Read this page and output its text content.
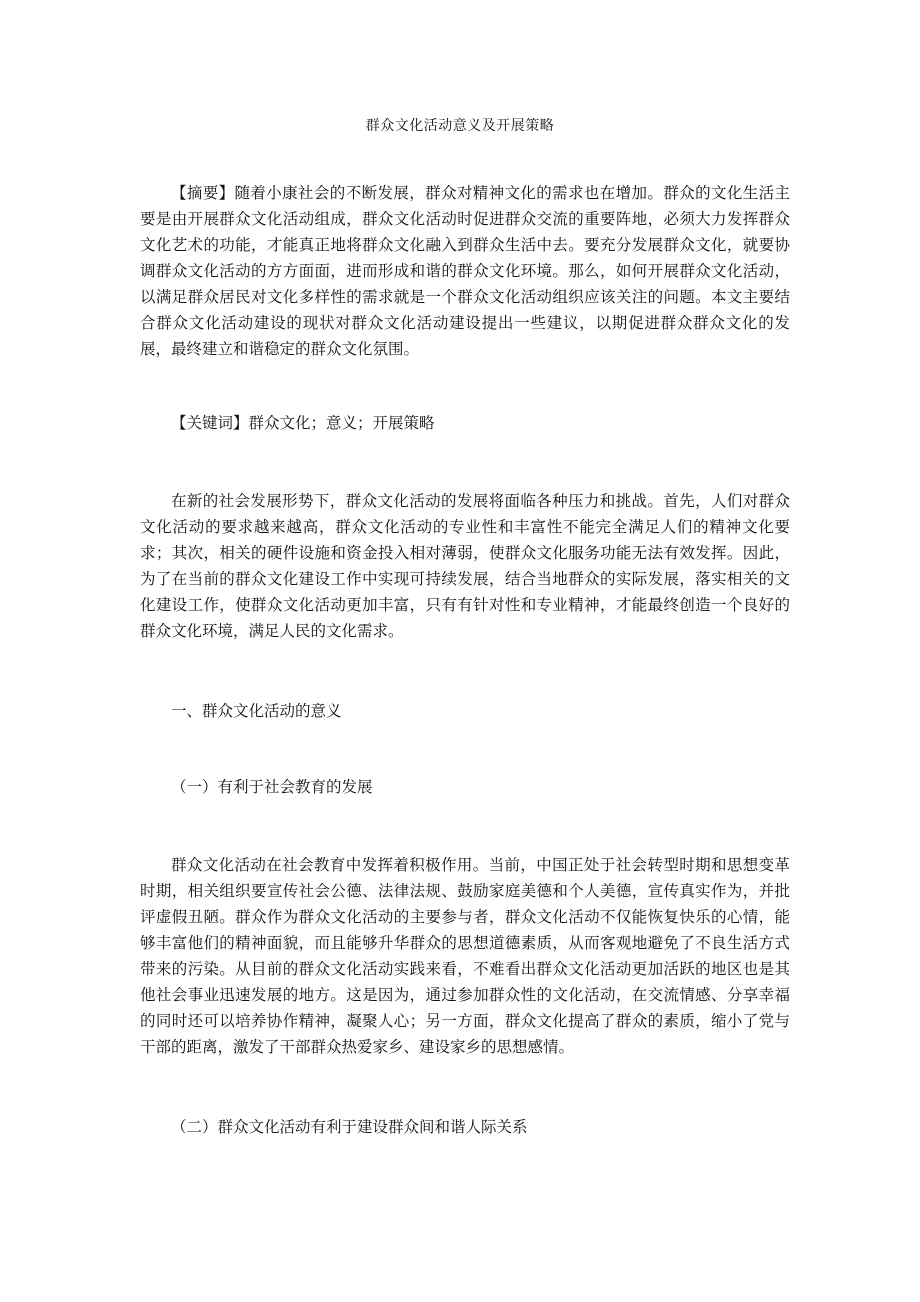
群众文化活动意义及开展策略

【摘要】随着小康社会的不断发展，群众对精神文化的需求也在增加。群众的文化生活主要是由开展群众文化活动组成，群众文化活动时促进群众交流的重要阵地，必须大力发挥群众文化艺术的功能，才能真正地将群众文化融入到群众生活中去。要充分发展群众文化，就要协调群众文化活动的方方面面，进而形成和谐的群众文化环境。那么，如何开展群众文化活动，以满足群众居民对文化多样性的需求就是一个群众文化活动组织应该关注的问题。本文主要结合群众文化活动建设的现状对群众文化活动建设提出一些建议，以期促进群众群众文化的发展，最终建立和谐稳定的群众文化氛围。

【关键词】群众文化；意义；开展策略

在新的社会发展形势下，群众文化活动的发展将面临各种压力和挑战。首先，人们对群众文化活动的要求越来越高，群众文化活动的专业性和丰富性不能完全满足人们的精神文化要求；其次，相关的硬件设施和资金投入相对薄弱，使群众文化服务功能无法有效发挥。因此，为了在当前的群众文化建设工作中实现可持续发展，结合当地群众的实际发展，落实相关的文化建设工作，使群众文化活动更加丰富，只有有针对性和专业精神，才能最终创造一个良好的群众文化环境，满足人民的文化需求。

一、群众文化活动的意义

（一）有利于社会教育的发展

群众文化活动在社会教育中发挥着积极作用。当前，中国正处于社会转型时期和思想变革时期，相关组织要宣传社会公德、法律法规、鼓励家庭美德和个人美德，宣传真实作为，并批评虚假丑陋。群众作为群众文化活动的主要参与者，群众文化活动不仅能恢复快乐的心情，能够丰富他们的精神面貌，而且能够升华群众的思想道德素质，从而客观地避免了不良生活方式带来的污染。从目前的群众文化活动实践来看，不难看出群众文化活动更加活跃的地区也是其他社会事业迅速发展的地方。这是因为，通过参加群众性的文化活动，在交流情感、分享幸福的同时还可以培养协作精神，凝聚人心；另一方面，群众文化提高了群众的素质，缩小了党与干部的距离，激发了干部群众热爱家乡、建设家乡的思想感情。

（二）群众文化活动有利于建设群众间和谐人际关系
